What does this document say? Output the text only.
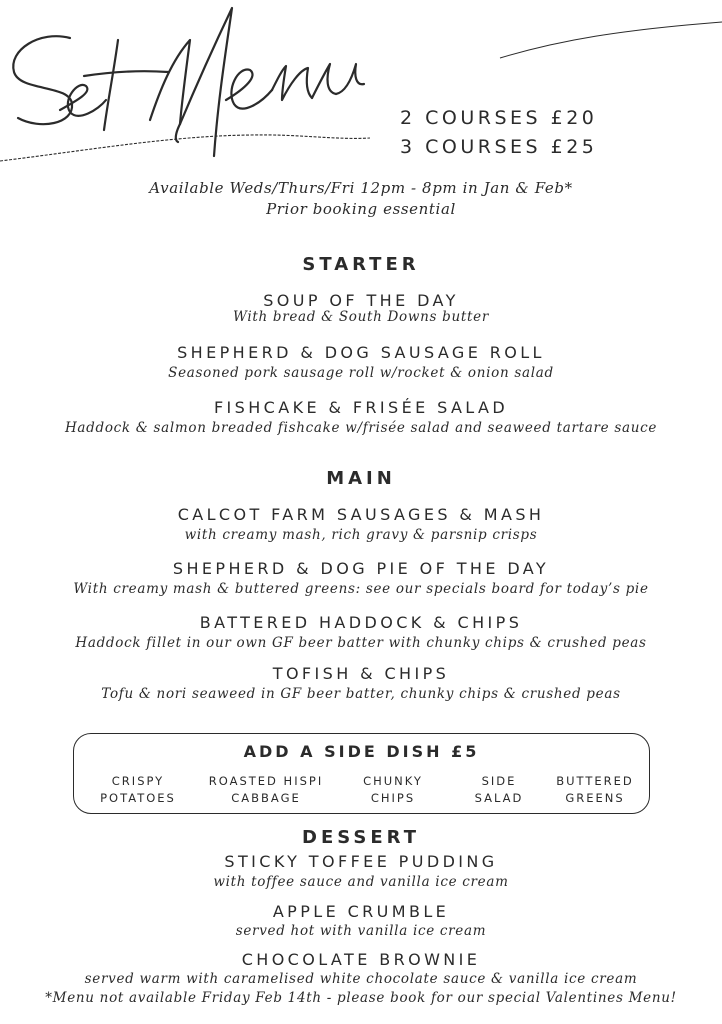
2 COURSES £20
3 COURSES £25
Available Weds/Thurs/Fri 12pm - 8pm in Jan & Feb*
Prior booking essential
STARTER
SOUP OF THE DAY
With bread & South Downs butter
SHEPHERD & DOG SAUSAGE ROLL
Seasoned pork sausage roll w/rocket & onion salad
FISHCAKE & FRISÉE SALAD
Haddock & salmon breaded fishcake w/frisée salad and seaweed tartare sauce
MAIN
CALCOT FARM SAUSAGES & MASH
with creamy mash, rich gravy & parsnip crisps
SHEPHERD & DOG PIE OF THE DAY
With creamy mash & buttered greens: see our specials board for today’s pie
BATTERED HADDOCK & CHIPS
Haddock fillet in our own GF beer batter with chunky chips & crushed peas
TOFISH & CHIPS
Tofu & nori seaweed in GF beer batter, chunky chips & crushed peas
ADD A SIDE DISH £5
CRISPY
POTATOES
ROASTED HISPI
CABBAGE
CHUNKY
CHIPS
SIDE
SALAD
BUTTERED
GREENS
DESSERT
STICKY TOFFEE PUDDING
with toffee sauce and vanilla ice cream
APPLE CRUMBLE
served hot with vanilla ice cream
CHOCOLATE BROWNIE
served warm with caramelised white chocolate sauce & vanilla ice cream
*Menu not available Friday Feb 14th - please book for our special Valentines Menu!
